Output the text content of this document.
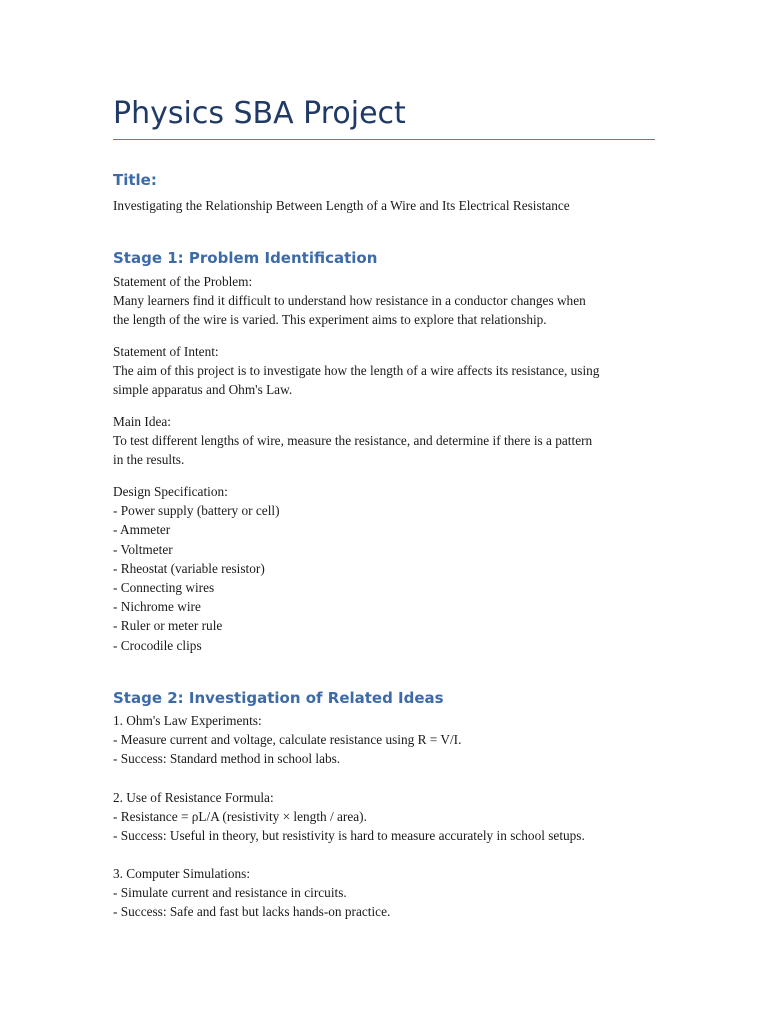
Physics SBA Project
Title:

Investigating the Relationship Between Length of a Wire and Its Electrical Resistance

Stage 1: Problem Identification
Statement of the Problem:
Many learners find it difficult to understand how resistance in a conductor changes when
the length of the wire is varied. This experiment aims to explore that relationship.
Statement of Intent:
The aim of this project is to investigate how the length of a wire affects its resistance, using
simple apparatus and Ohm's Law.
Main Idea:
To test different lengths of wire, measure the resistance, and determine if there is a pattern
in the results.
Design Specification:
- Power supply (battery or cell)
- Ammeter
- Voltmeter
- Rheostat (variable resistor)
- Connecting wires
- Nichrome wire
- Ruler or meter rule
- Crocodile clips
Stage 2: Investigation of Related Ideas
1. Ohm's Law Experiments:
- Measure current and voltage, calculate resistance using R = V/I.
- Success: Standard method in school labs.
2. Use of Resistance Formula:
- Resistance = ρL/A (resistivity × length / area).
- Success: Useful in theory, but resistivity is hard to measure accurately in school setups.
3. Computer Simulations:
- Simulate current and resistance in circuits.
- Success: Safe and fast but lacks hands-on practice.
